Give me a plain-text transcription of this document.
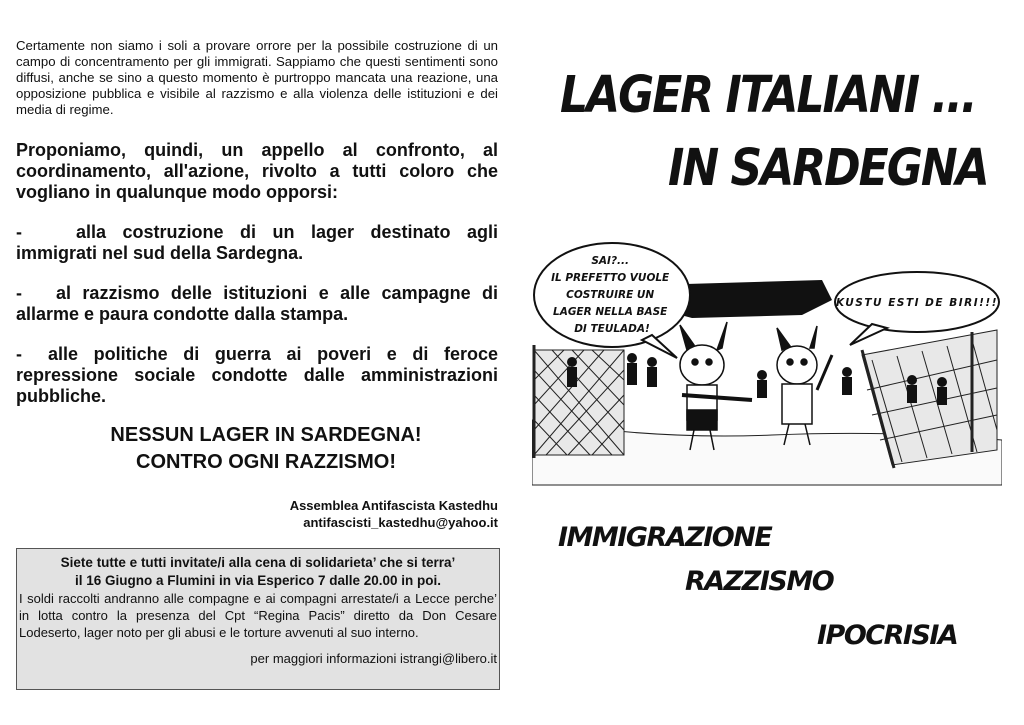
Certamente non siamo i soli a provare orrore per la possibile costruzione di un campo di concentramento per gli immigrati. Sappiamo che questi sentimenti sono diffusi, anche se sino a questo momento è purtroppo mancata una reazione, una opposizione pubblica e visibile al razzismo e alla violenza delle istituzioni e dei media di regime.

Proponiamo, quindi, un appello al confronto, al coordinamento, all'azione, rivolto a tutti coloro che vogliano in qualunque modo opporsi:

-	alla costruzione di un lager destinato agli immigrati nel sud della Sardegna.

- al razzismo delle istituzioni e alle campagne di allarme e paura condotte dalla stampa.

- alle politiche di guerra ai poveri e di feroce repressione sociale condotte dalle amministrazioni pubbliche.

NESSUN LAGER IN SARDEGNA!
CONTRO OGNI RAZZISMO!
Assemblea Antifascista Kastedhu
antifascisti_kastedhu@yahoo.it
Siete tutte e tutti invitate/i alla cena di solidarieta’ che si terra’
il 16 Giugno a Flumini in via Esperico 7 dalle 20.00 in poi.
I soldi raccolti andranno alle compagne e ai compagni arrestate/i a Lecce perche’ in lotta contro la presenza del Cpt “Regina Pacis” diretto da Don Cesare Lodeserto, lager noto per gli abusi e le torture avvenuti al suo interno.
per maggiori informazioni istrangi@libero.it
LAGER ITALIANI ...
IN SARDEGNA
SAI?... IL PREFETTO VUOLE COSTRUIRE UN LAGER NELLA BASE DI TEULADA!
KUSTU ESTI DE BIRI!!!
IMMIGRAZIONE
RAZZISMO
IPOCRISIA
